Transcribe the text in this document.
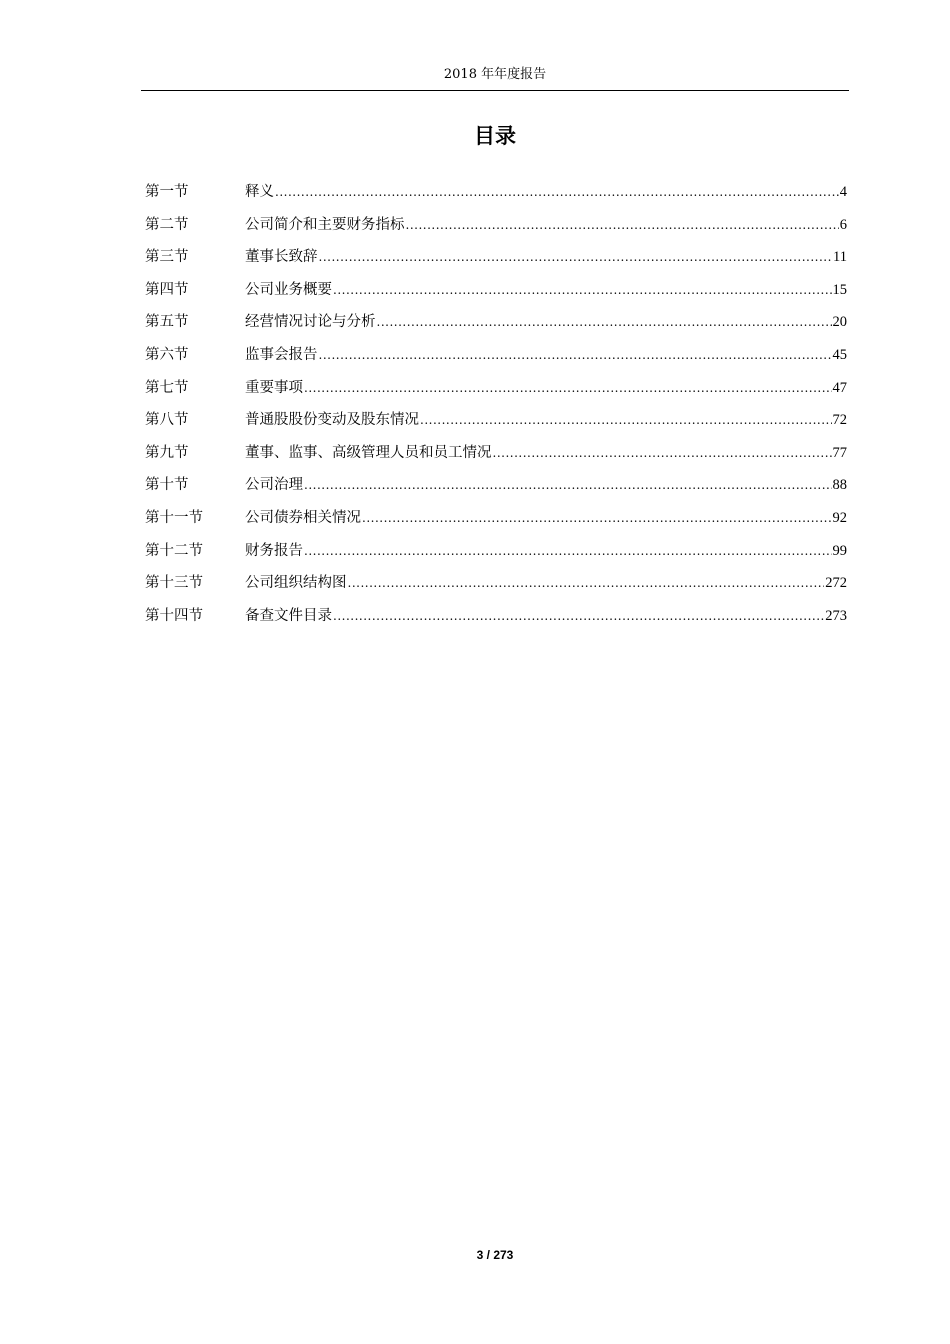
2018 年年度报告
目录
第一节	释义 .....	4
第二节	公司简介和主要财务指标 .....	6
第三节	董事长致辞 .....	11
第四节	公司业务概要 .....	15
第五节	经营情况讨论与分析 .....	20
第六节	监事会报告 .....	45
第七节	重要事项 .....	47
第八节	普通股股份变动及股东情况 .....	72
第九节	董事、监事、高级管理人员和员工情况 .....	77
第十节	公司治理 .....	88
第十一节	公司债券相关情况 .....	92
第十二节	财务报告 .....	99
第十三节	公司组织结构图 .....	272
第十四节	备查文件目录 .....	273
3 / 273
